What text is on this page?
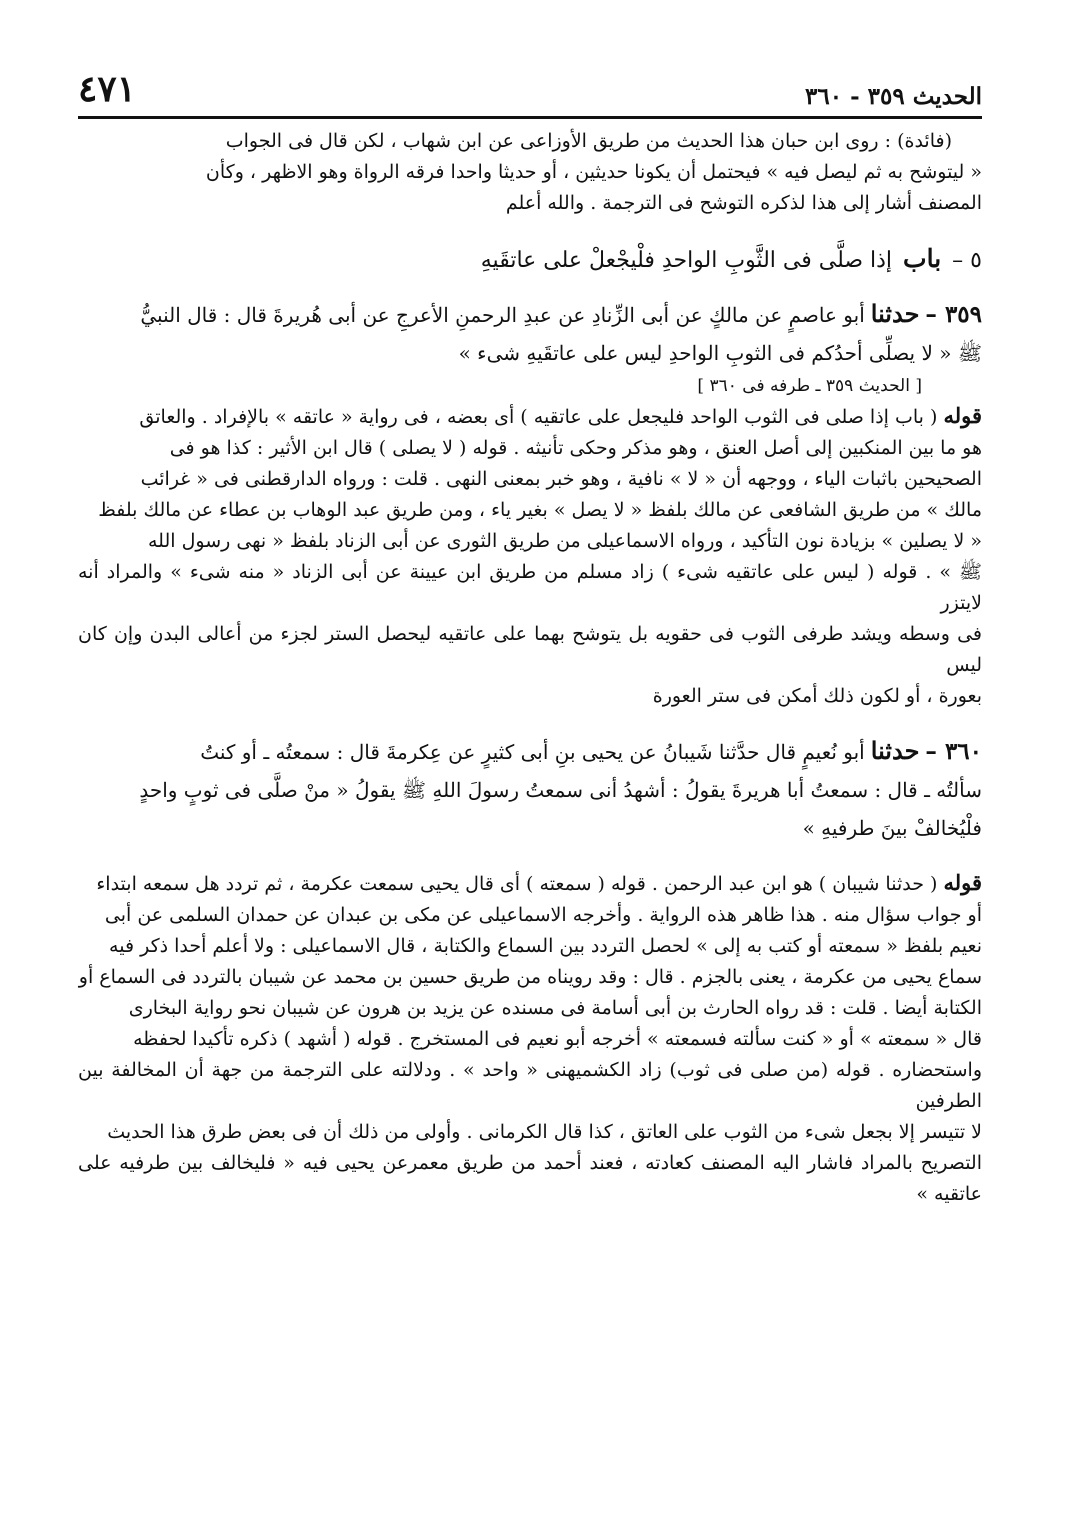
الحديث ٣٥٩ - ٣٦٠
٤٧١

(فائدة) : روى ابن حبان هذا الحديث من طريق الأوزاعى عن ابن شهاب ، لكن قال فى الجواب

« ليتوشح به ثم ليصل فيه » فيحتمل أن يكونا حديثين ، أو حديثا واحدا فرقه الرواة وهو الاظهر ، وكأن

المصنف أشار إلى هذا لذكره التوشح فى الترجمة . والله أعلم

٥ – باب إذا صلَّى فى الثَّوبِ الواحدِ فلْيجْعلْ على عاتقَيهِ

٣٥٩ –حدثناأبو عاصمٍ عن مالكٍ عن أبى الزِّنادِ عن عبدِ الرحمنِ الأعرجِ عن أبى هُريرةَ قال : قال النبيُّ

ﷺ « لا يصلِّى أحدُكم فى الثوبِ الواحدِ ليس على عاتقَيهِ شىء »

[ الحديث ٣٥٩ ـ طرفه فى ٣٦٠ ]

قوله ( باب إذا صلى فى الثوب الواحد فليجعل على عاتقيه ) أى بعضه ، فى رواية « عاتقه » بالإفراد . والعاتق

هو ما بين المنكبين إلى أصل العنق ، وهو مذكر وحكى تأنيثه . قوله ( لا يصلى ) قال ابن الأثير : كذا هو فى

الصحيحين باثبات الياء ، ووجهه أن « لا » نافية ، وهو خبر بمعنى النهى . قلت : ورواه الدارقطنى فى « غرائب

مالك » من طريق الشافعى عن مالك بلفظ « لا يصل » بغير ياء ، ومن طريق عبد الوهاب بن عطاء عن مالك بلفظ

« لا يصلين » بزيادة نون التأكيد ، ورواه الاسماعيلى من طريق الثورى عن أبى الزناد بلفظ « نهى رسول الله

ﷺ » . قوله ( ليس على عاتقيه شىء ) زاد مسلم من طريق ابن عيينة عن أبى الزناد « منه شىء » والمراد أنه لايتزر

فى وسطه ويشد طرفى الثوب فى حقويه بل يتوشح بهما على عاتقيه ليحصل الستر لجزء من أعالى البدن وإن كان ليس

بعورة ، أو لكون ذلك أمكن فى ستر العورة

٣٦٠ –حدثناأبو نُعيمٍ قال حدَّثنا شَيبانُ عن يحيى بنِ أبى كثيرٍ عن عِكرمةَ قال : سمعتُه ـ أو كنتُ

سألتُه ـ قال : سمعتُ أبا هريرةَ يقولُ : أشهدُ أنى سمعتُ رسولَ اللهِ ﷺ يقولُ « منْ صلَّى فى ثوبٍ واحدٍ

فلْيُخالفْ بينَ طرفيهِ »

قوله ( حدثنا شيبان ) هو ابن عبد الرحمن . قوله ( سمعته ) أى قال يحيى سمعت عكرمة ، ثم تردد هل سمعه ابتداء

أو جواب سؤال منه . هذا ظاهر هذه الرواية . وأخرجه الاسماعيلى عن مكى بن عبدان عن حمدان السلمى عن أبى

نعيم بلفظ « سمعته أو كتب به إلى » لحصل التردد بين السماع والكتابة ، قال الاسماعيلى : ولا أعلم أحدا ذكر فيه

سماع يحيى من عكرمة ، يعنى بالجزم . قال : وقد رويناه من طريق حسين بن محمد عن شيبان بالتردد فى السماع أو

الكتابة أيضا . قلت : قد رواه الحارث بن أبى أسامة فى مسنده عن يزيد بن هرون عن شيبان نحو رواية البخارى

قال « سمعته » أو « كنت سألته فسمعته » أخرجه أبو نعيم فى المستخرج . قوله ( أشهد ) ذكره تأكيدا لحفظه

واستحضاره . قوله (من صلى فى ثوب) زاد الكشميهنى « واحد » . ودلالته على الترجمة من جهة أن المخالفة بين الطرفين

لا تتيسر إلا بجعل شىء من الثوب على العاتق ، كذا قال الكرمانى . وأولى من ذلك أن فى بعض طرق هذا الحديث

التصريح بالمراد فاشار اليه المصنف كعادته ، فعند أحمد من طريق معمرعن يحيى فيه « فليخالف بين طرفيه على عاتقيه »
